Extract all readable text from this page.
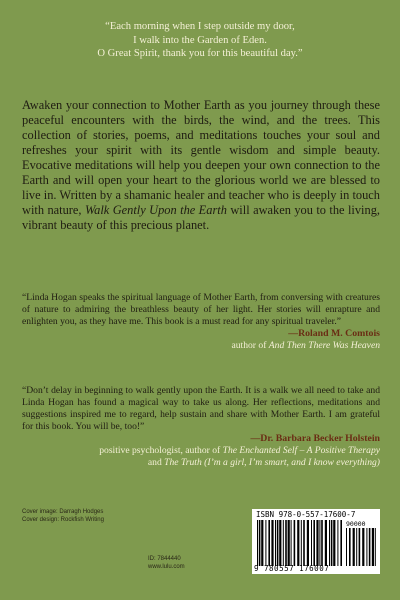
“Each morning when I step outside my door,
I walk into the Garden of Eden.
O Great Spirit, thank you for this beautiful day.”
Awaken your connection to Mother Earth as you journey through these peaceful encounters with the birds, the wind, and the trees. This collection of stories, poems, and meditations touches your soul and refreshes your spirit with its gentle wisdom and simple beauty. Evocative meditations will help you deepen your own connection to the Earth and will open your heart to the glorious world we are blessed to live in. Written by a shamanic healer and teacher who is deeply in touch with nature, Walk Gently Upon the Earth will awaken you to the living, vibrant beauty of this precious planet.
“Linda Hogan speaks the spiritual language of Mother Earth, from conversing with creatures of nature to admiring the breathless beauty of her light. Her stories will enrapture and enlighten you, as they have me. This book is a must read for any spiritual traveler.”
—Roland M. Comtois
author of And Then There Was Heaven
“Don’t delay in beginning to walk gently upon the Earth. It is a walk we all need to take and Linda Hogan has found a magical way to take us along. Her reflections, meditations and suggestions inspired me to regard, help sustain and share with Mother Earth. I am grateful for this book. You will be, too!”
—Dr. Barbara Becker Holstein
positive psychologist, author of The Enchanted Self – A Positive Therapy
and The Truth (I’m a girl, I’m smart, and I know everything)
Cover image: Darragh Hodges
Cover design: Rockfish Writing
ID: 7844440
www.lulu.com
ISBN 978-0-557-17600-7
90000
9 780557 176007
